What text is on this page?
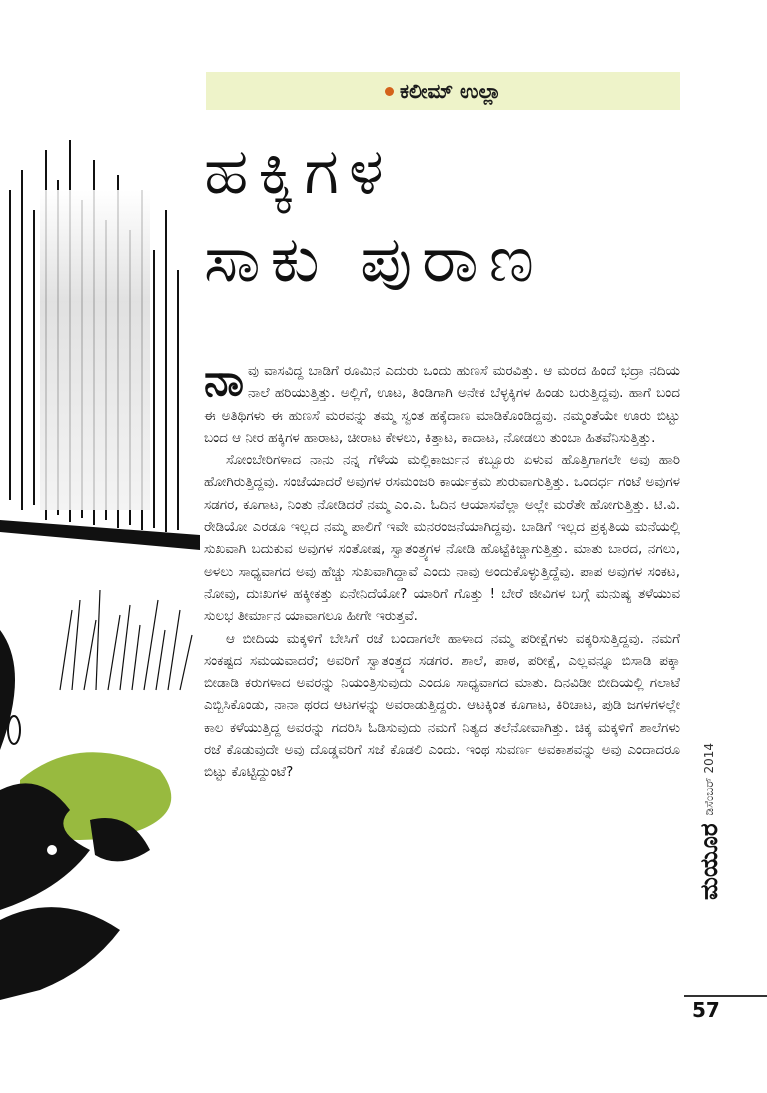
ಕಲೀಮ್ ಉಲ್ಲಾ
ಹಕ್ಕಿಗಳ
ಸಾಕು ಪುರಾಣ

ನಾವು ವಾಸವಿದ್ದ ಬಾಡಿಗೆ ರೂಮಿನ ಎದುರು ಒಂದು ಹುಣಸೆ ಮರವಿತ್ತು. ಆ ಮರದ ಹಿಂದೆ ಭದ್ರಾ ನದಿಯ ನಾಲೆ ಹರಿಯುತ್ತಿತ್ತು. ಅಲ್ಲಿಗೆ, ಊಟ, ತಿಂಡಿಗಾಗಿ ಅನೇಕ ಬೆಳ್ಳಕ್ಕಿಗಳ ಹಿಂಡು ಬರುತ್ತಿದ್ದವು. ಹಾಗೆ ಬಂದ ಈ ಅತಿಥಿಗಳು ಈ ಹುಣಸೆ ಮರವನ್ನು ತಮ್ಮ ಸ್ವಂತ ಹಕ್ಕೆದಾಣ ಮಾಡಿಕೊಂಡಿದ್ದವು. ನಮ್ಮಂತೆಯೇ ಊರು ಬಿಟ್ಟು ಬಂದ ಆ ನೀರ ಹಕ್ಕಿಗಳ ಹಾರಾಟ, ಚೀರಾಟ ಕೇಳಲು, ಕಿತ್ತಾಟ, ಕಾದಾಟ, ನೋಡಲು ತುಂಬಾ ಹಿತವೆನಿಸುತ್ತಿತ್ತು.

ಸೋಂಬೇರಿಗಳಾದ ನಾನು ನನ್ನ ಗೆಳೆಯ ಮಲ್ಲಿಕಾರ್ಜುನ ಕಬ್ಬೂರು ಏಳುವ ಹೊತ್ತಿಗಾಗಲೇ ಅವು ಹಾರಿ ಹೋಗಿರುತ್ತಿದ್ದವು. ಸಂಜೆಯಾದರೆ ಅವುಗಳ ರಸಮಂಜರಿ ಕಾರ್ಯಕ್ರಮ ಶುರುವಾಗುತ್ತಿತ್ತು. ಒಂದರ್ಧ ಗಂಟೆ ಅವುಗಳ ಸಡಗರ, ಕೂಗಾಟ, ನಿಂತು ನೋಡಿದರೆ ನಮ್ಮ ಎಂ.ಎ. ಓದಿನ ಆಯಾಸವೆಲ್ಲಾ ಅಲ್ಲೇ ಮರೆತೇ ಹೋಗುತ್ತಿತ್ತು. ಟಿ.ವಿ. ರೇಡಿಯೋ ಎರಡೂ ಇಲ್ಲದ ನಮ್ಮ ಪಾಲಿಗೆ ಇವೇ ಮನರಂಜನೆಯಾಗಿದ್ದವು. ಬಾಡಿಗೆ ಇಲ್ಲದ ಪ್ರಕೃತಿಯ ಮನೆಯಲ್ಲಿ ಸುಖವಾಗಿ ಬದುಕುವ ಅವುಗಳ ಸಂತೋಷ, ಸ್ವಾತಂತ್ರ್ಯಗಳ ನೋಡಿ ಹೊಟ್ಟೆಕಿಚ್ಚಾಗುತ್ತಿತ್ತು. ಮಾತು ಬಾರದ, ನಗಲು, ಅಳಲು ಸಾಧ್ಯವಾಗದ ಅವು ಹೆಚ್ಚು ಸುಖವಾಗಿದ್ದಾವೆ ಎಂದು ನಾವು ಅಂದುಕೊಳ್ಳುತ್ತಿದ್ದೆವು. ಪಾಪ ಅವುಗಳ ಸಂಕಟ, ನೋವು, ದುಃಖಗಳ ಹಕ್ಕೀಕತ್ತು ಏನೇನಿದೆಯೋ? ಯಾರಿಗೆ ಗೊತ್ತು ! ಬೇರೆ ಜೀವಿಗಳ ಬಗ್ಗೆ ಮನುಷ್ಯ ತಳೆಯುವ ಸುಲಭ ತೀರ್ಮಾನ ಯಾವಾಗಲೂ ಹೀಗೇ ಇರುತ್ತವೆ.

ಆ ಬೀದಿಯ ಮಕ್ಕಳಿಗೆ ಬೇಸಿಗೆ ರಜೆ ಬಂದಾಗಲೇ ಹಾಳಾದ ನಮ್ಮ ಪರೀಕ್ಷೆಗಳು ವಕ್ಕರಿಸುತ್ತಿದ್ದವು. ನಮಗೆ ಸಂಕಷ್ಟದ ಸಮಯವಾದರೆ; ಅವರಿಗೆ ಸ್ವಾತಂತ್ರ್ಯದ ಸಡಗರ. ಶಾಲೆ, ಪಾಠ, ಪರೀಕ್ಷೆ, ಎಲ್ಲವನ್ನೂ ಬಿಸಾಡಿ ಪಕ್ಕಾ ಬೀಡಾಡಿ ಕರುಗಳಾದ ಅವರನ್ನು ನಿಯಂತ್ರಿಸುವುದು ಎಂದೂ ಸಾಧ್ಯವಾಗದ ಮಾತು. ದಿನವಿಡೀ ಬೀದಿಯಲ್ಲಿ ಗಲಾಟೆ ಎಬ್ಬಿಸಿಕೊಂಡು, ನಾನಾ ಥರದ ಆಟಗಳನ್ನು ಅವರಾಡುತ್ತಿದ್ದರು. ಆಟಕ್ಕಿಂತ ಕೂಗಾಟ, ಕಿರಿಚಾಟ, ಪುಡಿ ಜಗಳಗಳಲ್ಲೇ ಕಾಲ ಕಳೆಯುತ್ತಿದ್ದ ಅವರನ್ನು ಗದರಿಸಿ ಓಡಿಸುವುದು ನಮಗೆ ನಿತ್ಯದ ತಲೆನೋವಾಗಿತ್ತು. ಚಿಕ್ಕ ಮಕ್ಕಳಿಗೆ ಶಾಲೆಗಳು ರಜೆ ಕೊಡುವುದೇ ಅವು ದೊಡ್ಡವರಿಗೆ ಸಜೆ ಕೊಡಲಿ ಎಂದು. ಇಂಥ ಸುವರ್ಣ ಅವಕಾಶವನ್ನು ಅವು ಎಂದಾದರೂ ಬಿಟ್ಟು ಕೊಟ್ಟಿದ್ದುಂಟೆ?

ಮಯೂರ
ಡಿಸೆಂಬರ್ 2014
57
